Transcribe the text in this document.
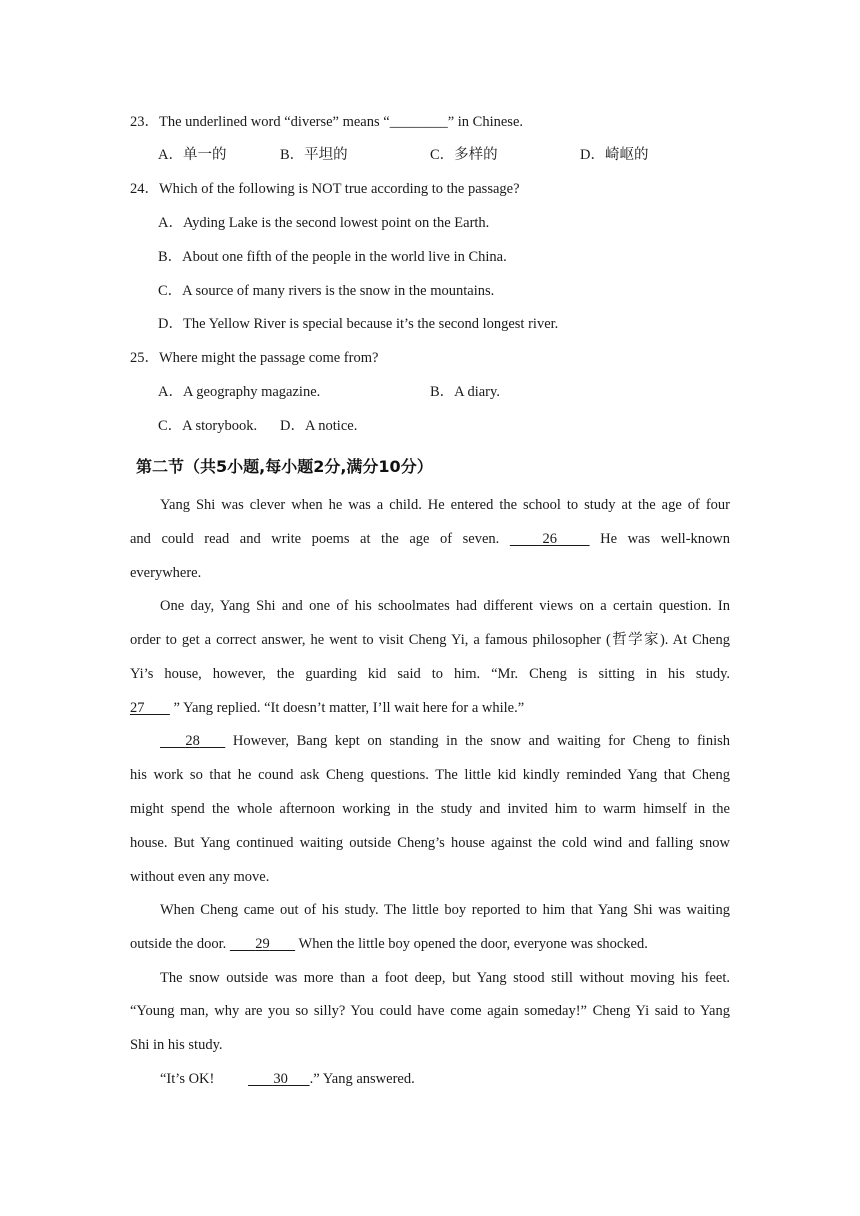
23．The underlined word “diverse” means “________” in Chinese.
A．单一的	B．平坦的	C．多样的	D．崎岖的
24．Which of the following is NOT true according to the passage?
A．Ayding Lake is the second lowest point on the Earth.
B．About one fifth of the people in the world live in China.
C．A source of many rivers is the snow in the mountains.
D．The Yellow River is special because it’s the second longest river.
25．Where might the passage come from?
A．A geography magazine.	B．A diary.
C．A storybook. D．A notice.
第二节（共5小题,每小题2分,满分10分）
Yang Shi was clever when he was a child. He entered the school to study at the age of four
and could read and write poems at the age of seven.	26	He was well-known
everywhere.
One day, Yang Shi and one of his schoolmates had different views on a certain question. In
order to get a correct answer, he went to visit Cheng Yi, a famous philosopher (哲学家). At Cheng
Yi’s house, however, the guarding kid said to him. “Mr. Cheng is sitting in his study.
27 ” Yang replied. “It doesn’t matter, I’ll wait here for a while.”
28 However, Bang kept on standing in the snow and waiting for Cheng to finish
his work so that he cound ask Cheng questions. The little kid kindly reminded Yang that Cheng
might spend the whole afternoon working in the study and invited him to warm himself in the
house. But Yang continued waiting outside Cheng’s house against the cold wind and falling snow
without even any move.
When Cheng came out of his study. The little boy reported to him that Yang Shi was waiting
outside the door. 29 When the little boy opened the door, everyone was shocked.
The snow outside was more than a foot deep, but Yang stood still without moving his feet.
“Young man, why are you so silly? You could have come again someday!” Cheng Yi said to Yang
Shi in his study.
“It’s OK!	30 .” Yang answered.
